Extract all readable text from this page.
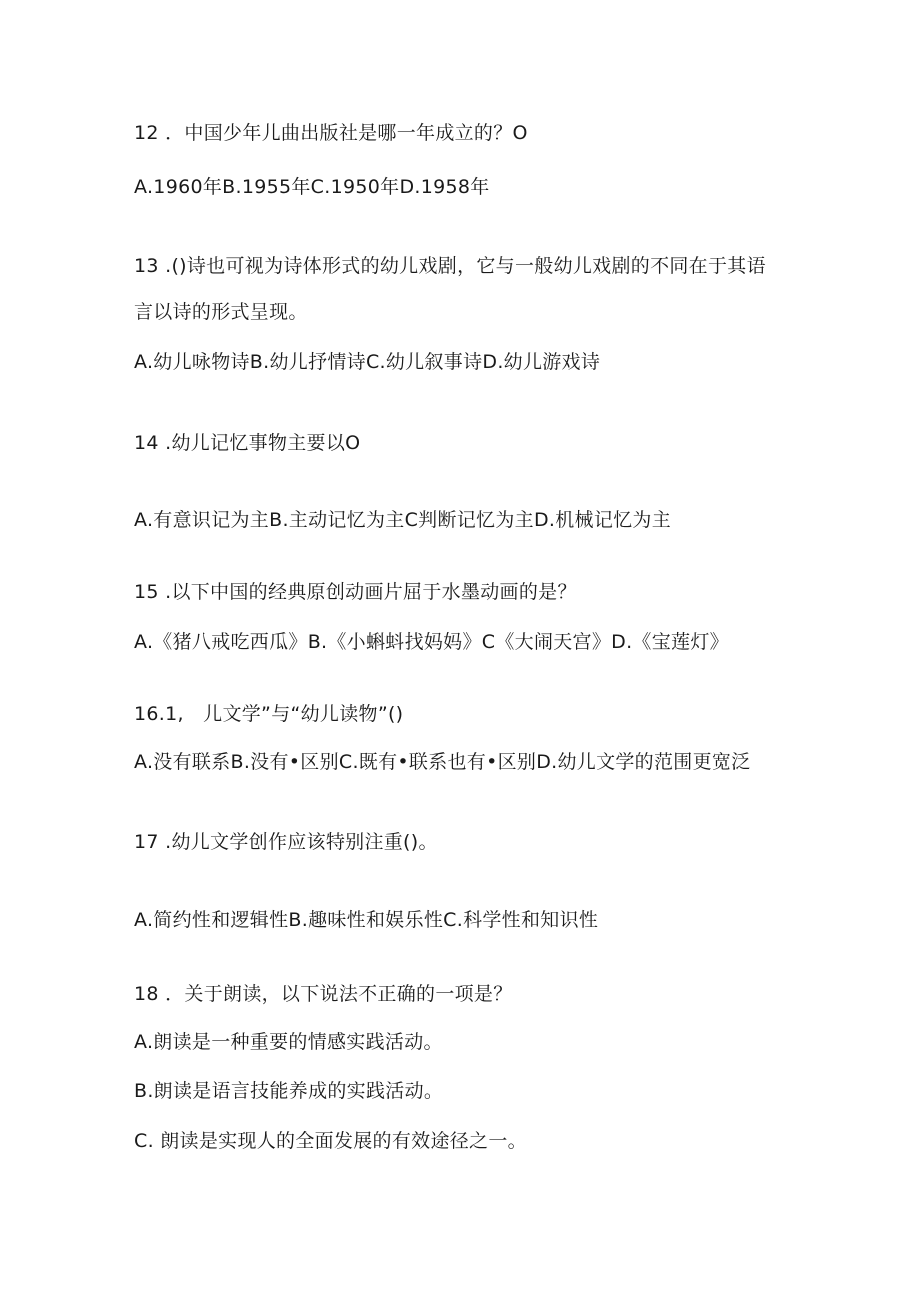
12 ．中国少年儿曲出版社是哪一年成立的？O
A.1960年B.1955年C.1950年D.1958年
13 .()诗也可视为诗体形式的幼儿戏剧，它与一般幼儿戏剧的不同在于其语
言以诗的形式呈现。
A.幼儿咏物诗B.幼儿抒情诗C.幼儿叙事诗D.幼儿游戏诗
14 .幼儿记忆事物主要以O
A.有意识记为主B.主动记忆为主C判断记忆为主D.机械记忆为主
15 .以下中国的经典原创动画片屈于水墨动画的是？
A.《猪八戒吃西瓜》B.《小蝌蚪找妈妈》C《大闹天宫》D.《宝莲灯》
16.1,　儿文学”与“幼儿读物”()
A.没有联系B.没有•区别C.既有•联系也有•区别D.幼儿文学的范围更宽泛
17 .幼儿文学创作应该特别注重()。
A.简约性和逻辑性B.趣味性和娱乐性C.科学性和知识性
18 ．关于朗读，以下说法不正确的一项是？
A.朗读是一种重要的情感实践活动。
B.朗读是语言技能养成的实践活动。
C. 朗读是实现人的全面发展的有效途径之一。
